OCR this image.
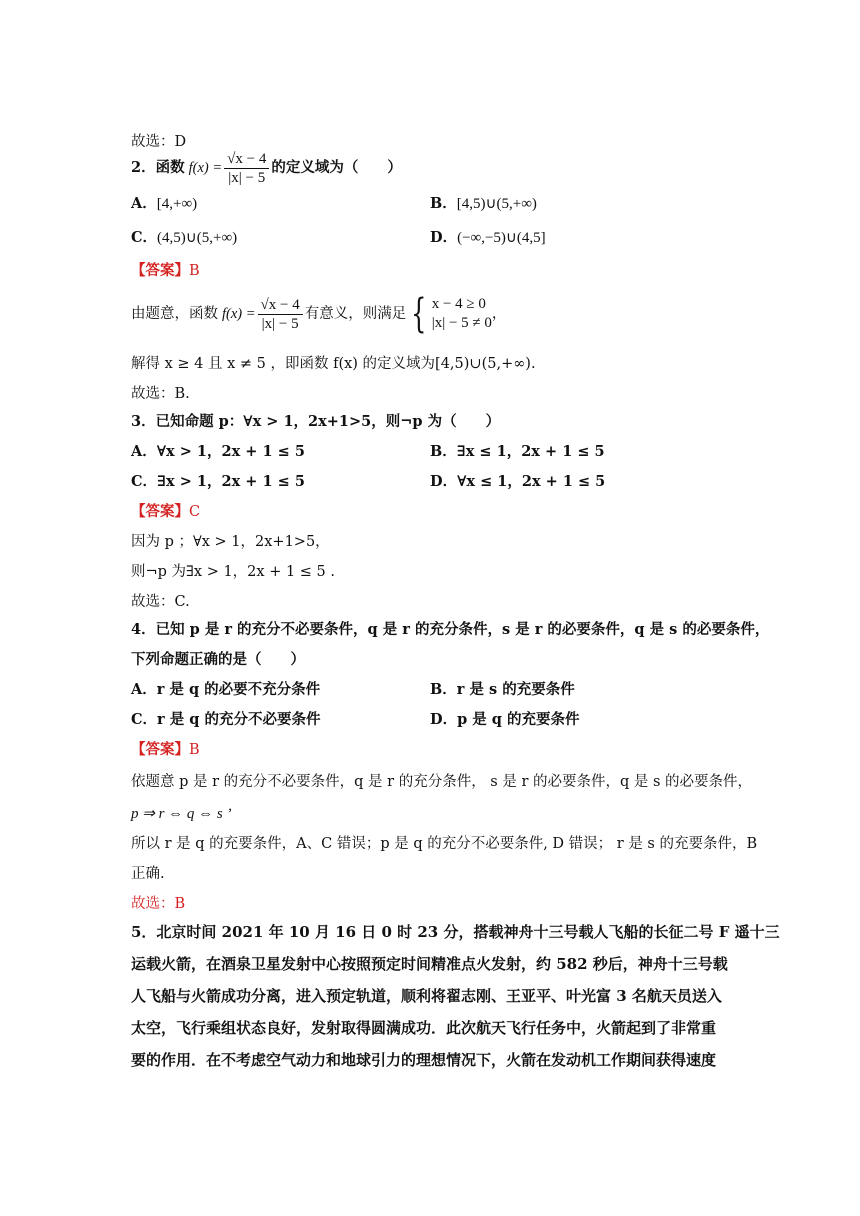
故选：D
2． 函数 $f(x) = \frac{√x - 4}{|x| - 5}$ 的定义域为（　　）
A．[4,+∞)	B．[4,5)∪(5,+∞)
C．(4,5)∪(5,+∞)	D．(−∞,−5)∪(4,5]
【答案】B
由题意，函数 $f(x) = \frac{√x - 4}{|x| - 5}$ 有意义，则满足 { x − 4 ≥ 0
|x| − 5 ≠ 0
，
解得 x ≥ 4 且 x ≠ 5 ，即函数 f(x) 的定义域为[4,5)∪(5,+∞).
故选：B.
3．已知命题 p：∀x > 1，2x+1>5，则¬p 为（　　）
A．∀x > 1，2x + 1 ≤ 5	B．∃x ≤ 1，2x + 1 ≤ 5
C．∃x > 1，2x + 1 ≤ 5	D．∀x ≤ 1，2x + 1 ≤ 5
【答案】C
因为 p ；∀x > 1，2x+1>5，
则¬p 为∃x > 1，2x + 1 ≤ 5 .
故选：C.
4．已知 p 是 r 的充分不必要条件，q 是 r 的充分条件，s 是 r 的必要条件，q 是 s 的必要条件，
下列命题正确的是（　　）
A．r 是 q 的必要不充分条件	B．r 是 s 的充要条件
C．r 是 q 的充分不必要条件	D．p 是 q 的充要条件
【答案】B
依题意 p 是 r 的充分不必要条件，q 是 r 的充分条件， s 是 r 的必要条件，q 是 s 的必要条件，
p ⇒ r ⇔ q ⇔ s ’
所以 r 是 q 的充要条件，A、C 错误；p 是 q 的充分不必要条件, D 错误； r 是 s 的充要条件，B
正确.
故选：B
5．北京时间 2021 年 10 月 16 日 0 时 23 分，搭载神舟十三号载人飞船的长征二号 F 遥十三
运载火箭，在酒泉卫星发射中心按照预定时间精准点火发射，约 582 秒后，神舟十三号载
人飞船与火箭成功分离，进入预定轨道，顺利将翟志刚、王亚平、叶光富 3 名航天员送入
太空，飞行乘组状态良好，发射取得圆满成功．此次航天飞行任务中，火箭起到了非常重
要的作用．在不考虑空气动力和地球引力的理想情况下，火箭在发动机工作期间获得速度
